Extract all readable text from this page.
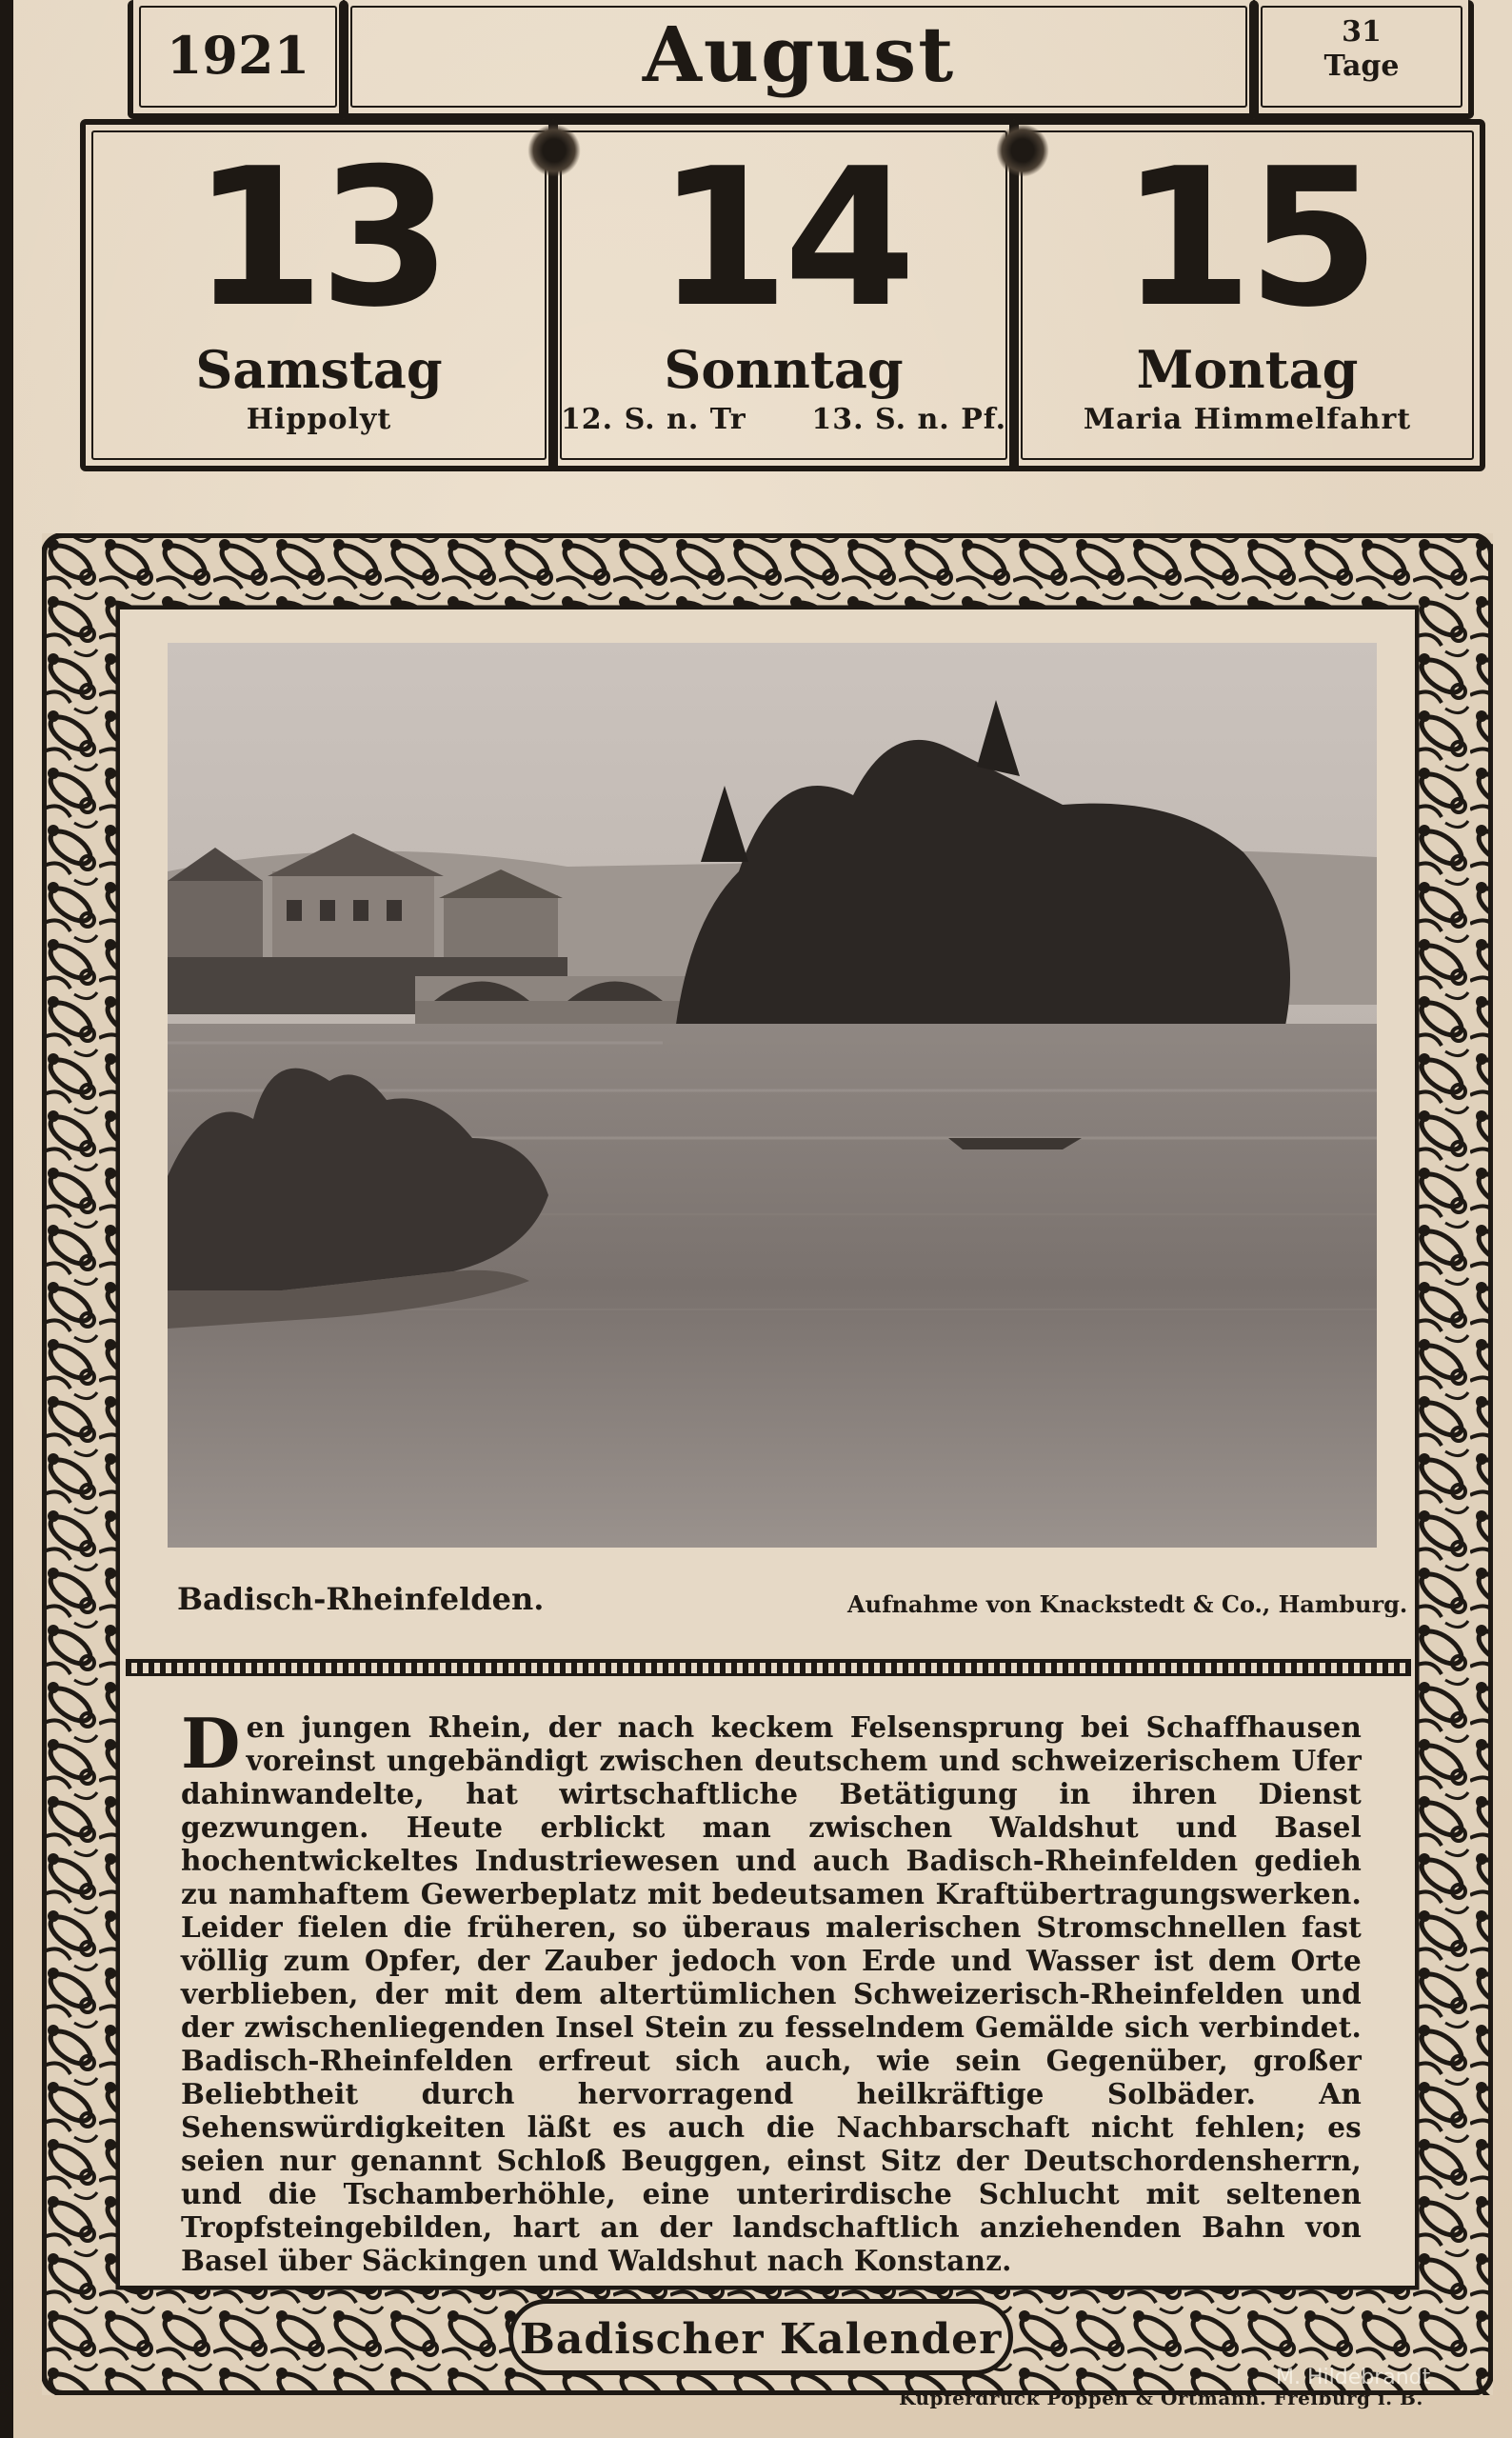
1921	August	31
Tage
13
Samstag
Hippolyt
14
Sonntag
12. S. n. Tr      13. S. n. Pf.
15
Montag
Maria Himmelfahrt
Badisch-Rheinfelden.	Aufnahme von Knackstedt & Co., Hamburg.
Den jungen Rhein, der nach keckem Felsensprung bei Schaffhausen voreinst ungebändigt zwischen deutschem und schweizerischem Ufer dahinwandelte, hat wirtschaftliche Betätigung in ihren Dienst gezwungen. Heute erblickt man zwischen Waldshut und Basel hochentwickeltes Industriewesen und auch Badisch-Rheinfelden gedieh zu namhaftem Gewerbeplatz mit bedeutsamen Kraftübertragungswerken. Leider fielen die früheren, so überaus malerischen Stromschnellen fast völlig zum Opfer, der Zauber jedoch von Erde und Wasser ist dem Orte verblieben, der mit dem altertümlichen Schweizerisch-Rheinfelden und der zwischenliegenden Insel Stein zu fesselndem Gemälde sich verbindet. Badisch-Rheinfelden erfreut sich auch, wie sein Gegenüber, großer Beliebtheit durch hervorragend heilkräftige Solbäder. An Sehenswürdigkeiten läßt es auch die Nachbarschaft nicht fehlen; es seien nur genannt Schloß Beuggen, einst Sitz der Deutschordensherrn, und die Tschamberhöhle, eine unterirdische Schlucht mit seltenen Tropfsteingebilden, hart an der landschaftlich anziehenden Bahn von Basel über Säckingen und Waldshut nach Konstanz.
Badischer Kalender
Kupferdruck Poppen & Ortmann. Freiburg i. B.
M. Hildebrandt
